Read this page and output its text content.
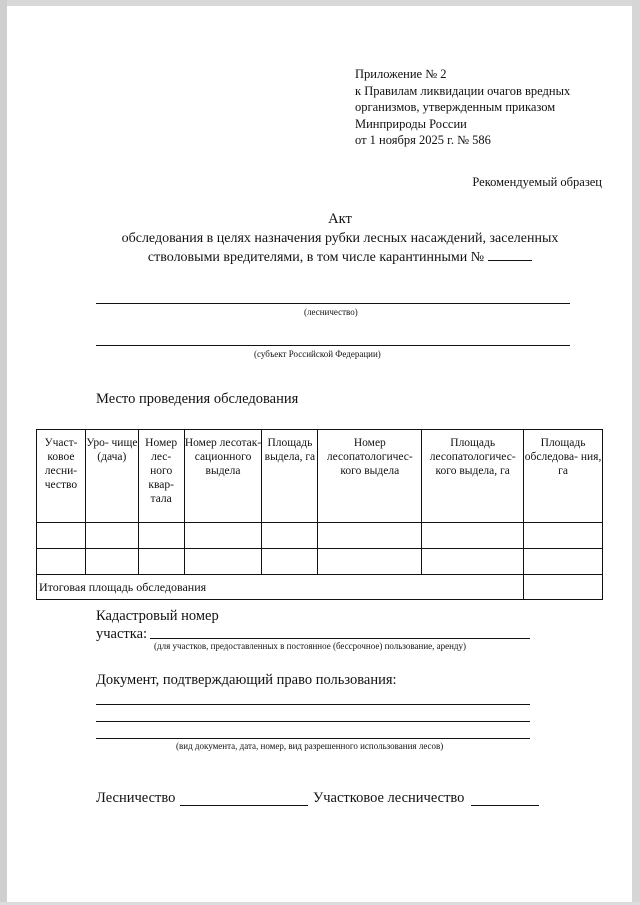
Приложение № 2
к Правилам ликвидации очагов вредных
организмов, утвержденным приказом
Минприроды России
от 1 ноября 2025 г. № 586
Рекомендуемый образец
Акт
обследования в целях назначения рубки лесных насаждений, заселенных
стволовыми вредителями, в том числе карантинными №
(лесничество)
(субъект Российской Федерации)
Место проведения обследования
Участ- ковое лесни- чество	Уро- чище (дача)	Номер лес- ного квар- тала	Номер лесотак- сационного выдела	Площадь выдела, га	Номер лесопатологичес- кого выдела	Площадь лесопатологичес- кого выдела, га	Площадь обследова- ния, га

Итоговая площадь обследования							
Кадастровый номер
участка:
(для участков, предоставленных в постоянное (бессрочное) пользование, аренду)
Документ, подтверждающий право пользования:
(вид документа, дата, номер, вид разрешенного использования лесов)
Лесничество	Участковое лесничество
